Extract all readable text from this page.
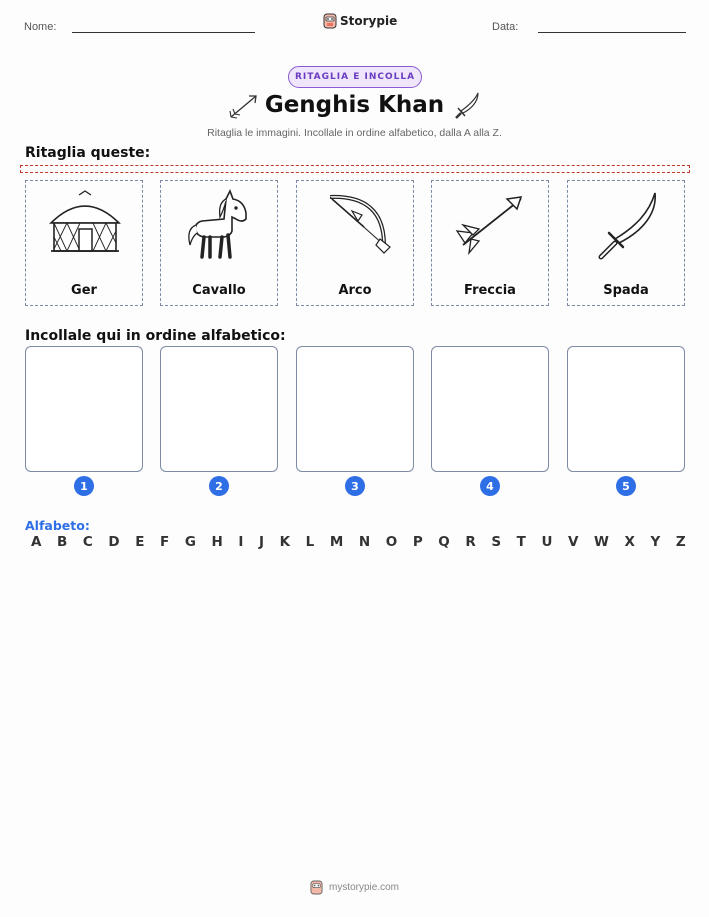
Nome:	Storypie	Data:
RITAGLIA E INCOLLA
Genghis Khan
Ritaglia le immagini. Incollale in ordine alfabetico, dalla A alla Z.
Ritaglia queste:
Ger	Cavallo	Arco	Freccia	Spada
Incollale qui in ordine alfabetico:
1	2	3	4	5
Alfabeto:
A B C D E F G H I J K L M N O P Q R S T U V W X Y Z
mystorypie.com
